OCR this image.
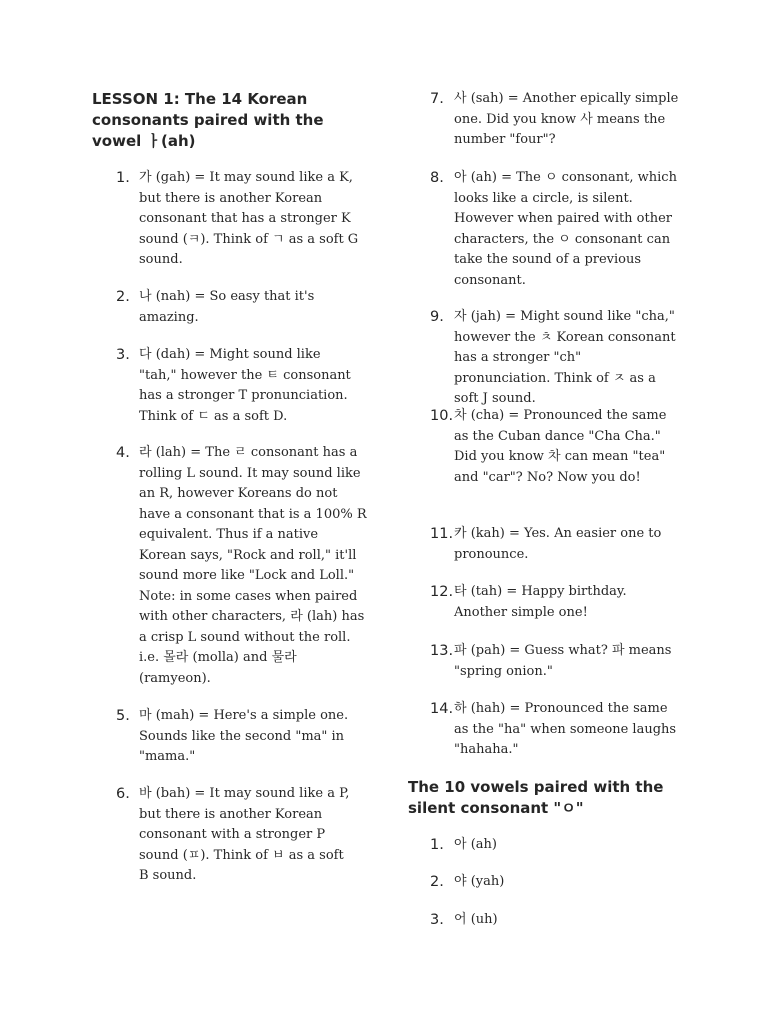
LESSON 1: The 14 Korean consonants paired with the vowel ㅏ(ah)
1. 가 (gah) = It may sound like a K, but there is another Korean consonant that has a stronger K sound (ㅋ). Think of ㄱ as a soft G sound.
2. 나 (nah) = So easy that it's amazing.
3. 다 (dah) = Might sound like "tah," however the ㅌ consonant has a stronger T pronunciation. Think of ㄷ as a soft D.
4. 라 (lah) = The ㄹ consonant has a rolling L sound. It may sound like an R, however Koreans do not have a consonant that is a 100% R equivalent. Thus if a native Korean says, "Rock and roll," it'll sound more like "Lock and Loll." Note: in some cases when paired with other characters, 라 (lah) has a crisp L sound without the roll. i.e. 몰라 (molla) and 물라 (ramyeon).
5. 마 (mah) = Here's a simple one. Sounds like the second "ma" in "mama."
6. 바 (bah) = It may sound like a P, but there is another Korean consonant with a stronger P sound (ㅍ). Think of ㅂ as a soft B sound.
7. 사 (sah) = Another epically simple one. Did you know 사 means the number "four"?
8. 아 (ah) = The ㅇ consonant, which looks like a circle, is silent. However when paired with other characters, the ㅇ consonant can take the sound of a previous consonant.
9. 자 (jah) = Might sound like "cha," however the ㅊ Korean consonant has a stronger "ch" pronunciation. Think of ㅈ as a soft J sound.
10. 차 (cha) = Pronounced the same as the Cuban dance "Cha Cha." Did you know 차 can mean "tea" and "car"? No? Now you do!
11. 카 (kah) = Yes. An easier one to pronounce.
12. 타 (tah) = Happy birthday. Another simple one!
13. 파 (pah) = Guess what? 파 means "spring onion."
14. 하 (hah) = Pronounced the same as the "ha" when someone laughs "hahaha."
The 10 vowels paired with the silent consonant "ㅇ"
1. 아 (ah)
2. 야 (yah)
3. 어 (uh)
